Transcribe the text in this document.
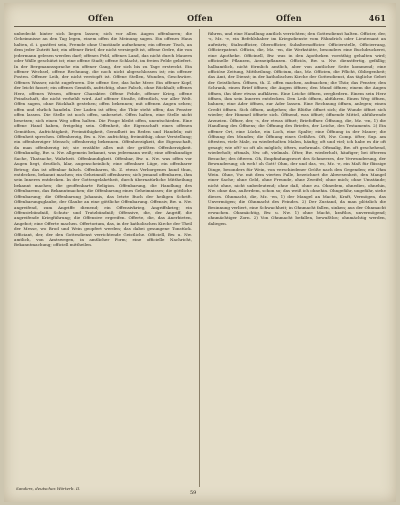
Offen	Offen	Offen	461
unbedeckt hinter sich liegen lassen; sich vor allen Augen offenbaren; die Geheimnisse an den Tag legen, einem offen die Meinung sagen. Ein offenes Haus halten, d. i. gastfrei sein, Fremde ohne Umstände aufnehmen; ein offener Tisch, an dem jeder Zutritt hat; ein offener Brief, der nicht versiegelt ist, offene Ordre, die von jedermann gelesen werden darf; offenes Feld, offenes Land, das nicht durch Mauern oder Wälle geschützt ist; eine offene Stadt; offene Schlacht, im freien Felde geliefert. In der Bergmannssprache ein offener Gang, der sich bis zu Tage erstreckt. Ein offener Wechsel, offene Rechnung, die noch nicht abgeschlossen ist; ein offener Posten. Offener Leib, der nicht verstopft ist. Offene Stellen, Wunden, Geschwüre. Offenes Wasser, nicht zugefroren. Die offene See, das hohe Meer. Ein offener Kopf, der leicht fasset; ein offenes Gemüth, aufrichtig, ohne Falsch, ohne Rückhalt; offenes Herz, offenes Wesen, offener Charakter. Offene Fehde, offener Krieg, offene Feindschaft, die nicht verhehlt wird. Auf offener Straße, öffentlich, vor aller Welt. Offen sagen, ohne Rückhalt gestehen; offen bekennen; mit offenen Augen sehen; offen und ehrlich handeln. Der Laden ist offen; die Thür steht offen; das Fenster offen lassen. Die Stelle ist noch offen, unbesetzt. Offen halten, eine Stelle nicht besetzen; sich einen Weg offen halten. Die Frage bleibt offen, unentschieden. Eine offene Hand haben, freigebig sein. Offenheit, die Eigenschaft eines offenen Gemüthes, Aufrichtigkeit, Freimüthigkeit, Geradheit im Reden und Handeln; mit Offenheit sprechen. Offenherzig, Bw. u. Nw. aufrichtig, freimüthig, ohne Verstellung; ein offenherziger Mensch; offenherzig bekennen. Offenherzigkeit, die Eigenschaft, da man offenherzig ist; sie erzählte alles mit der größten Offenherzigkeit. Offenkundig, Bw. u. Nw. allgemein bekannt, was jedermann weiß; eine offenkundige Sache, Thatsache, Wahrheit. Offenkundigkeit. Offenbar, Bw. u. Nw. was offen vor Augen liegt, deutlich, klar, augenscheinlich; eine offenbare Lüge, ein offenbarer Betrug; das ist offenbar falsch. Offenbaren, th. Z. etwas Verborgenes kund thun, entdecken, bekannt machen; ein Geheimniß offenbaren; sich jemand offenbaren, ihm sein Inneres entdecken. In der Gottesgelahrtheit, durch übernatürliche Mittheilung bekannt machen; die geoffenbarte Religion. Offenbarung, die Handlung des Offenbarens, das Bekanntmachen; die Offenbarung eines Geheimnisses; die göttliche Offenbarung; die Offenbarung Johannis, das letzte Buch der heiligen Schrift. Offenbarungsglaube, der Glaube an eine göttliche Offenbarung. Offensiv, Bw. u. Nw. angreifend, zum Angriffe dienend; ein Offensivkrieg, Angriffskrieg; ein Offensivbündniß, Schutz- und Trutzbündniß; Offensive, die, der Angriff, die angreifende Kriegführung; die Offensive ergreifen. Offerte, die, das Anerbieten, Angebot; eine Offerte machen. Offertorium, das, in der katholischen Kirche der Theil der Messe, wo Brod und Wein geopfert werden; das dabei gesungene Tonstück. Officiant, der, der den Gottesdienst verrichtende Geistliche. Officiell, Bw. u. Nw. amtlich, von Amtswegen, in amtlicher Form; eine officielle Nachricht, Bekanntmachung; officiell mittheilen.
führen, und eine Handlung amtlich verrichten; den Gottesdienst halten. Officier, der, -s, Mz. -e, ein Befehlshaber im Kriegsdienste vom Fähndrich oder Lieutenant an aufwärts; Stabsofficier, Oberofficier, Subalternofficier. Officierstelle, Officierrang, Officierpatent. Officin, die, Mz. -en, die Werkstätte, besonders eine Buchdruckerei, eine Apotheke. Officinell, Bw. was in den Apotheken vorräthig gehalten wird; officinelle Pflanzen, Arzneipflanzen. Officiös, Bw. u. Nw. dienstfertig, gefällig; halbamtlich, nicht förmlich amtlich, aber von amtlicher Seite kommend; eine officiöse Zeitung, Mittheilung. Officium, das, Mz. Officien, die Pflicht, Obliegenheit; das Amt, der Dienst; in der katholischen Kirche der Gottesdienst, das tägliche Gebet der Geistlichen. Öffnen, th. Z. offen machen, aufmachen; die Thür, das Fenster, den Schrank, einen Brief öffnen; die Augen öffnen; den Mund öffnen; einem die Augen öffnen, ihn über etwas aufklären. Eine Leiche öffnen, zergliedern. Einem sein Herz öffnen, ihm sein Inneres entdecken. Den Leib öffnen, abführen. Einen Weg öffnen, bahnen; eine Ader öffnen, zur Ader lassen. Eine Rechnung öffnen, anlegen; einen Credit öffnen. Sich öffnen, aufgehen; die Blüthe öffnet sich; die Wunde öffnet sich wieder; der Himmel öffnete sich. Öffnend, was öffnet; öffnende Mittel, abführende Arzneien. Öffner, der, -s, der etwas öffnet; Briefoffner. Öffnung, die, Mz. -en, 1) die Handlung des Öffnens; die Öffnung des Briefes, der Leiche, des Testaments. 2) Ein offener Ort, eine Lücke, ein Loch, eine Spalte; eine Öffnung in der Mauer; die Öffnung des Mundes; die Öffnung eines Gefäßes. Oft, Nw. Comp. öfter, Sup. am öftesten, viele Male, zu wiederholten Malen, häufig; oft und viel; ich habe es dir oft gesagt; wie oft? so oft als möglich; öfters, mehrmals. Oftmalig, Bw. oft geschehend, wiederholt; oftmals, Nw. oft, vielmals. Öfter, Bw. wiederholt, häufiger; bei öfterem Besuche; des öfteren. Oh, Empfindungswort des Schmerzes, der Verwunderung, der Bewunderung; oh weh! oh Gott! Ohm, der und das, -es, Mz. -e, ein Maß für flüssige Dinge, besonders für Wein, von verschiedener Größe nach den Gegenden; ein Ohm Wein. Ohne, Vw. mit dem vierten Falle, bezeichnet die Abwesenheit, den Mangel einer Sache; ohne Geld, ohne Freunde, ohne Zweifel; ohne mich; ohne Umstände; nicht ohne, nicht unbedeutend; ohne daß, ohne zu. Ohnedem, ohnedies, ohnehin, Nw. ohne das, außerdem, schon so; das weiß ich ohnehin. Ohngefähr, ungefähr, siehe dieses. Ohnmacht, die, Mz. -en, 1) der Mangel an Macht, Kraft, Vermögen, das Unvermögen; die Ohnmacht des Feindes. 2) Der Zustand, da man plötzlich die Besinnung verliert, eine Schwachheit; in Ohnmacht fallen, sinken; aus der Ohnmacht erwachen. Ohnmächtig, Bw. u. Nw. 1) ohne Macht, kraftlos, unvermögend; ohnmächtiger Zorn. 2) Von Ohnmacht befallen, bewußtlos; ohnmächtig werden, daliegen.
Sanders, deutsches Wörterb. II.
59
